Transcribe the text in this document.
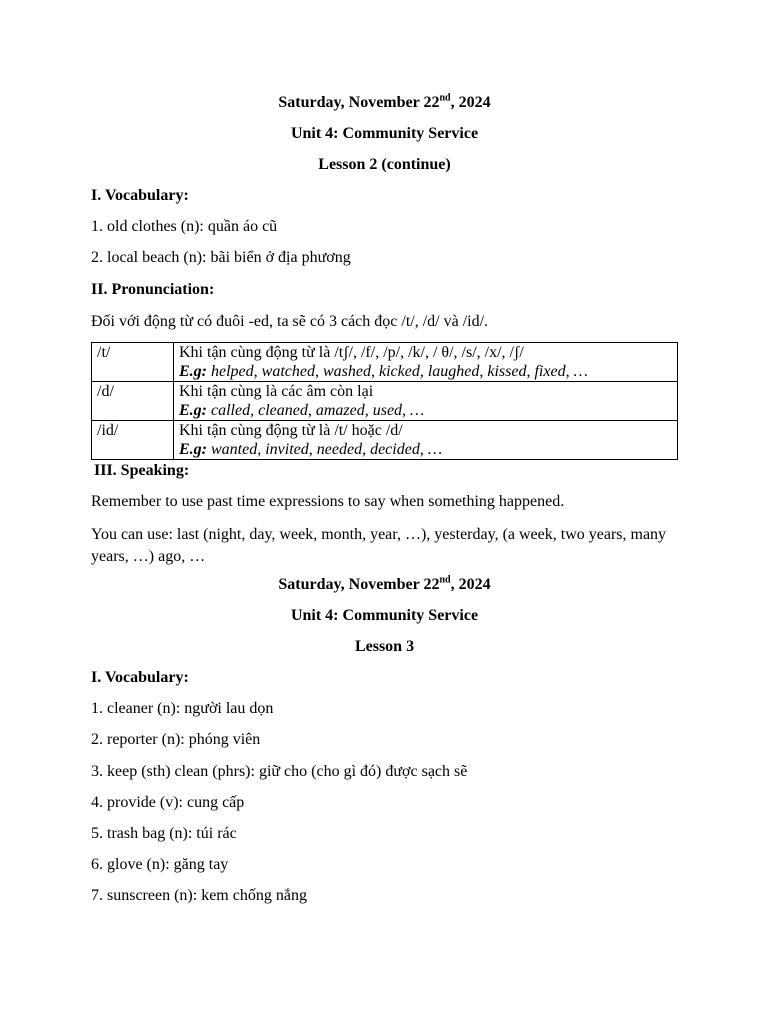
Saturday, November 22nd, 2024
Unit 4: Community Service
Lesson 2 (continue)
I. Vocabulary:
1. old clothes (n): quần áo cũ
2. local beach (n): bãi biển ở địa phương
II. Pronunciation:
Đối với động từ có đuôi -ed, ta sẽ có 3 cách đọc /t/, /d/ và /id/.
/t/	Khi tận cùng động từ là /tʃ/, /f/, /p/, /k/, / θ/, /s/, /x/, /ʃ/
E.g: helped, watched, washed, kicked, laughed, kissed, fixed, …

/d/	Khi tận cùng là các âm còn lại
E.g: called, cleaned, amazed, used, …

/id/	Khi tận cùng động từ là /t/ hoặc /d/
E.g: wanted, invited, needed, decided, …
III. Speaking:
Remember to use past time expressions to say when something happened.
You can use: last (night, day, week, month, year, …), yesterday, (a week, two years, many years, …) ago, …
Saturday, November 22nd, 2024
Unit 4: Community Service
Lesson 3
I. Vocabulary:
1. cleaner (n): người lau dọn
2. reporter (n): phóng viên
3. keep (sth) clean (phrs): giữ cho (cho gì đó) được sạch sẽ
4. provide (v): cung cấp
5. trash bag (n): túi rác
6. glove (n): găng tay
7. sunscreen (n): kem chống nắng
